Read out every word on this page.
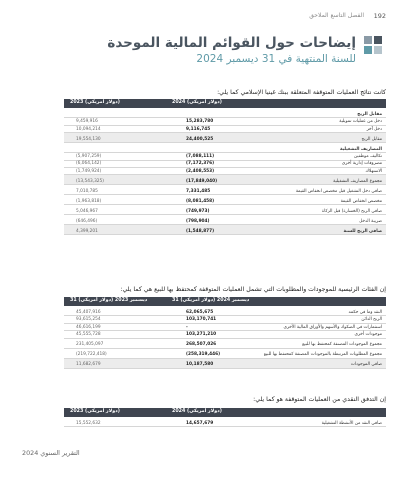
192
الفصل التاسع الملاحق
إيضاحات حول القوائم المالية الموحدة
للسنة المنتهية في 31 ديسمبر 2024
كانت نتائج العمليات المتوقفة المتعلقة ببنك غينيا الإسلامي كما يلي:
2024 (دولار أمريكي)
2023 (دولار أمريكي)
مقابل الربح
دخل من عمليات تمويلية
15,283,780
9,459,916
دخل آخر
9,116,745
10,094,214
مقابل الربح
24,400,525
19,554,130
المصاريف التشغيلية
تكاليف موظفين
(7,088,111)
(5,907,259)
مصروفات إدارية أخرى
(7,172,376)
(6,064,142)
الاستهلاك
(2,408,553)
(1,749,924)
مجموع المصاريف التشغيلية
(17,849,040)
(13,543,325)
صافي دخل التشغيل قبل مخصص انخفاض القيمة
7,331,485
7,010,785
مخصص انخفاض القيمة
(8,081,458)
(1,963,818)
صافي الربح (الخسارة) قبل الزكاة
(749,973)
5,046,967
ضريبة الدخل
(798,904)
(646,496)
صافي الربح للسنة
(1,548,877)
4,399,201
إن الفئات الرئيسية للموجودات والمطلوبات التي تشمل العمليات المتوقفة كمحتفظ بها للبيع هي كما يلي:
31 ديسمبر 2024 (دولار أمريكي)
31 ديسمبر 2023 (دولار أمريكي)
النقد وما في حكمه
62,065,675
45,407,916
الربح الدائن
103,170,741
93,615,254
استثمارات في الصكوك والأسهم والأوراق المالية الأخرى
-
46,616,199
موجودات أخرى
103,271,210
45,555,728
مجموع الموجودات المصنفة كمحتفظ بها للبيع
268,507,026
231,405,097
مجموع المطلوبات المرتبطة بالموجودات المصنفة كمحتفظ بها للبيع
(258,319,446)
(219,722,418)
صافي الموجودات
10,187,580
11,682,679
إن التدفق النقدي من العمليات المتوقفة هو كما يلي:
2024 (دولار أمريكي)
2023 (دولار أمريكي)
صافي النقد من الأنشطة التشغيلية
14,657,679
15,552,632
التقرير السنوي 2024
